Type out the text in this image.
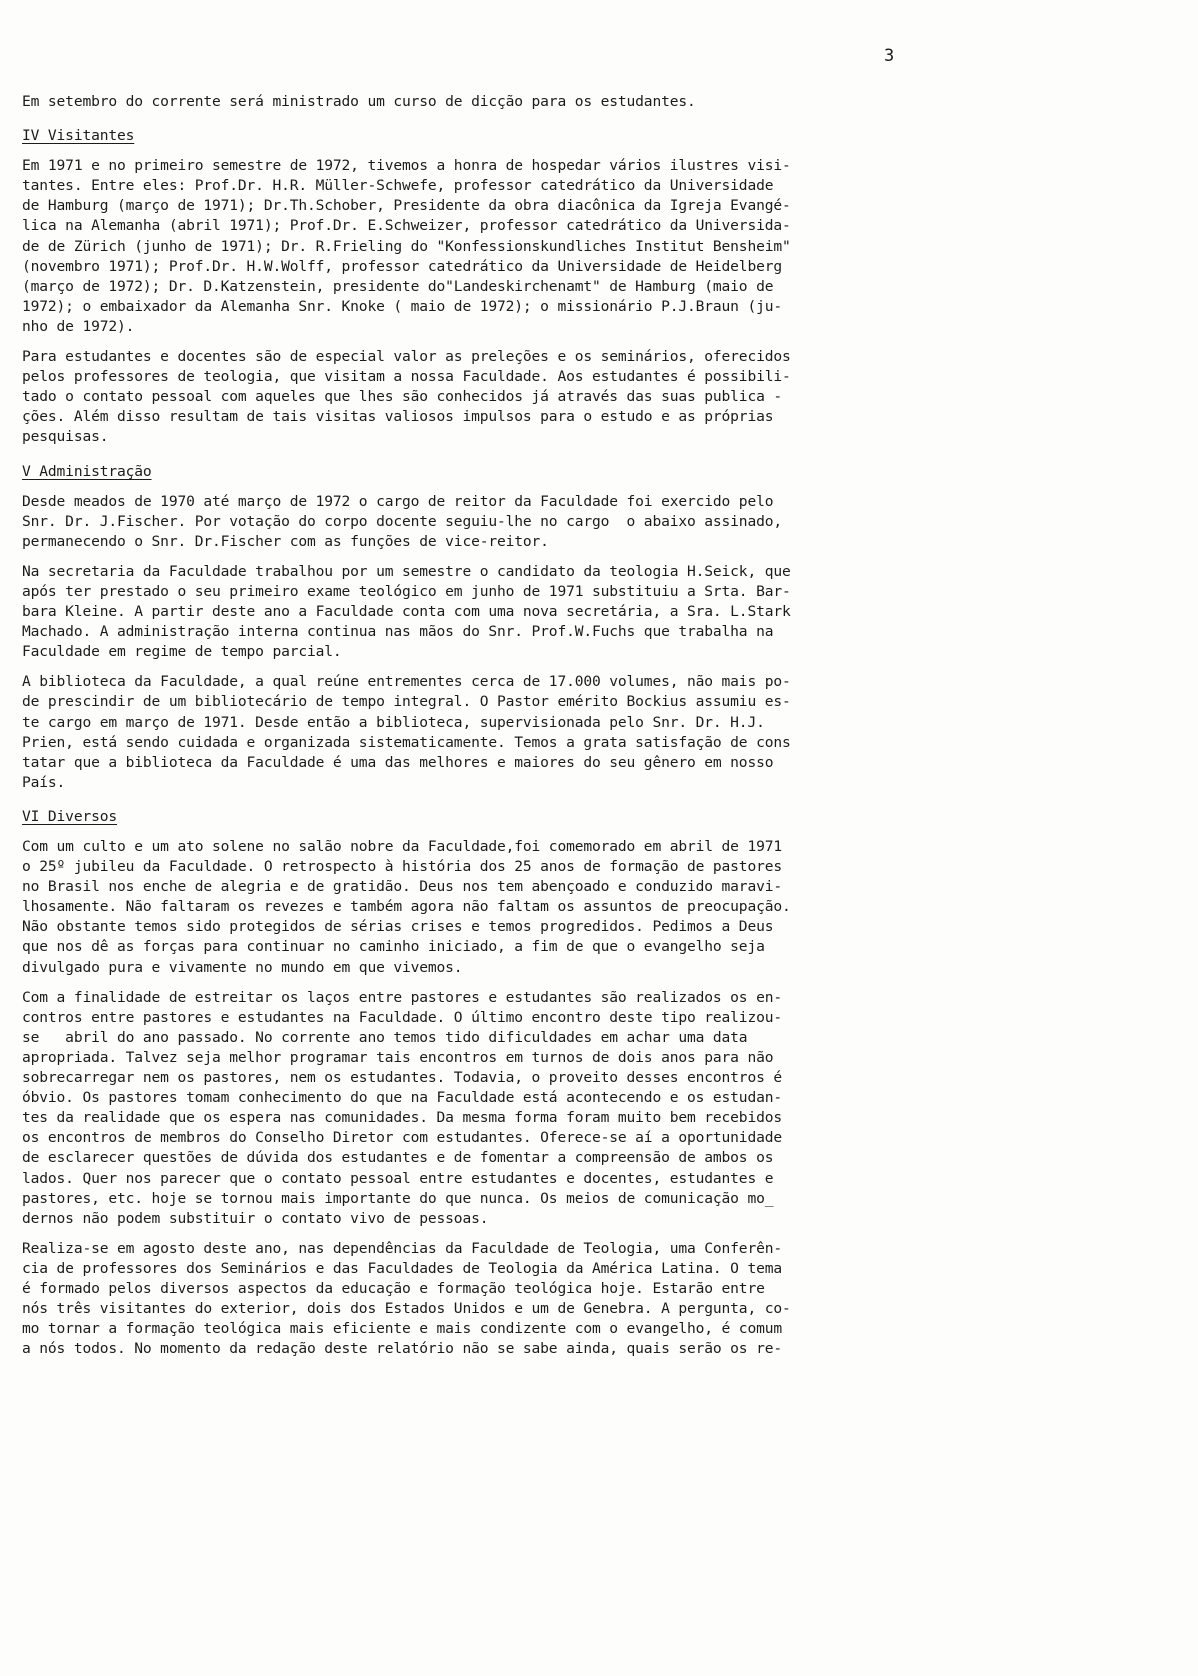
3
Em setembro do corrente será ministrado um curso de dicção para os estudantes.
IV Visitantes
Em 1971 e no primeiro semestre de 1972, tivemos a honra de hospedar vários ilustres visi-
tantes. Entre eles: Prof.Dr. H.R. Müller-Schwefe, professor catedrático da Universidade
de Hamburg (março de 1971); Dr.Th.Schober, Presidente da obra diacônica da Igreja Evangé-
lica na Alemanha (abril 1971); Prof.Dr. E.Schweizer, professor catedrático da Universida-
de de Zürich (junho de 1971); Dr. R.Frieling do "Konfessionskundliches Institut Bensheim"
(novembro 1971); Prof.Dr. H.W.Wolff, professor catedrático da Universidade de Heidelberg
(março de 1972); Dr. D.Katzenstein, presidente do"Landeskirchenamt" de Hamburg (maio de
1972); o embaixador da Alemanha Snr. Knoke ( maio de 1972); o missionário P.J.Braun (ju-
nho de 1972).
Para estudantes e docentes são de especial valor as preleções e os seminários, oferecidos
pelos professores de teologia, que visitam a nossa Faculdade. Aos estudantes é possibili-
tado o contato pessoal com aqueles que lhes são conhecidos já através das suas publica -
ções. Além disso resultam de tais visitas valiosos impulsos para o estudo e as próprias
pesquisas.
V Administração
Desde meados de 1970 até março de 1972 o cargo de reitor da Faculdade foi exercido pelo
Snr. Dr. J.Fischer. Por votação do corpo docente seguiu-lhe no cargo  o abaixo assinado,
permanecendo o Snr. Dr.Fischer com as funções de vice-reitor.
Na secretaria da Faculdade trabalhou por um semestre o candidato da teologia H.Seick, que
após ter prestado o seu primeiro exame teológico em junho de 1971 substituiu a Srta. Bar-
bara Kleine. A partir deste ano a Faculdade conta com uma nova secretária, a Sra. L.Stark
Machado. A administração interna continua nas mãos do Snr. Prof.W.Fuchs que trabalha na
Faculdade em regime de tempo parcial.
A biblioteca da Faculdade, a qual reúne entrementes cerca de 17.000 volumes, não mais po-
de prescindir de um bibliotecário de tempo integral. O Pastor emérito Bockius assumiu es-
te cargo em março de 1971. Desde então a biblioteca, supervisionada pelo Snr. Dr. H.J.
Prien, está sendo cuidada e organizada sistematicamente. Temos a grata satisfação de cons
tatar que a biblioteca da Faculdade é uma das melhores e maiores do seu gênero em nosso
País.
VI Diversos
Com um culto e um ato solene no salão nobre da Faculdade,foi comemorado em abril de 1971
o 25º jubileu da Faculdade. O retrospecto à história dos 25 anos de formação de pastores
no Brasil nos enche de alegria e de gratidão. Deus nos tem abençoado e conduzido maravi-
lhosamente. Não faltaram os revezes e também agora não faltam os assuntos de preocupação.
Não obstante temos sido protegidos de sérias crises e temos progredidos. Pedimos a Deus
que nos dê as forças para continuar no caminho iniciado, a fim de que o evangelho seja
divulgado pura e vivamente no mundo em que vivemos.
Com a finalidade de estreitar os laços entre pastores e estudantes são realizados os en-
contros entre pastores e estudantes na Faculdade. O último encontro deste tipo realizou-
se   abril do ano passado. No corrente ano temos tido dificuldades em achar uma data
apropriada. Talvez seja melhor programar tais encontros em turnos de dois anos para não
sobrecarregar nem os pastores, nem os estudantes. Todavia, o proveito desses encontros é
óbvio. Os pastores tomam conhecimento do que na Faculdade está acontecendo e os estudan-
tes da realidade que os espera nas comunidades. Da mesma forma foram muito bem recebidos
os encontros de membros do Conselho Diretor com estudantes. Oferece-se aí a oportunidade
de esclarecer questões de dúvida dos estudantes e de fomentar a compreensão de ambos os
lados. Quer nos parecer que o contato pessoal entre estudantes e docentes, estudantes e
pastores, etc. hoje se tornou mais importante do que nunca. Os meios de comunicação mo_
dernos não podem substituir o contato vivo de pessoas.
Realiza-se em agosto deste ano, nas dependências da Faculdade de Teologia, uma Conferên-
cia de professores dos Seminários e das Faculdades de Teologia da América Latina. O tema
é formado pelos diversos aspectos da educação e formação teológica hoje. Estarão entre
nós três visitantes do exterior, dois dos Estados Unidos e um de Genebra. A pergunta, co-
mo tornar a formação teológica mais eficiente e mais condizente com o evangelho, é comum
a nós todos. No momento da redação deste relatório não se sabe ainda, quais serão os re-
